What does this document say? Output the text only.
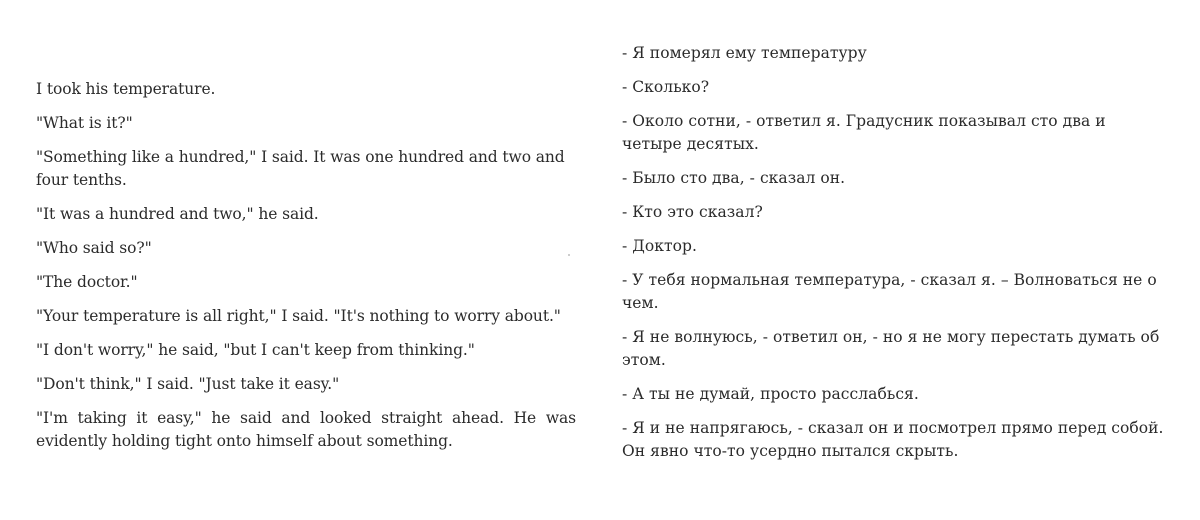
I took his temperature.

"What is it?"

"Something like a hundred," I said. It was one hundred and two and four tenths.

"It was a hundred and two," he said.

"Who said so?"

"The doctor."

"Your temperature is all right," I said. "It's nothing to worry about."

"I don't worry," he said, "but I can't keep from thinking."

"Don't think," I said. "Just take it easy."

"I'm taking it easy," he said and looked straight ahead. He was evidently holding tight onto himself about something.

- Я померял ему температуру

- Сколько?

- Около сотни, - ответил я. Градусник показывал сто два и четыре десятых.

- Было сто два, - сказал он.

- Кто это сказал?

- Доктор.

- У тебя нормальная температура, - сказал я. – Волноваться не о чем.

- Я не волнуюсь, - ответил он, - но я не могу перестать думать об этом.

- А ты не думай, просто расслабься.

- Я и не напрягаюсь, - сказал он и посмотрел прямо перед собой. Он явно что-то усердно пытался скрыть.
